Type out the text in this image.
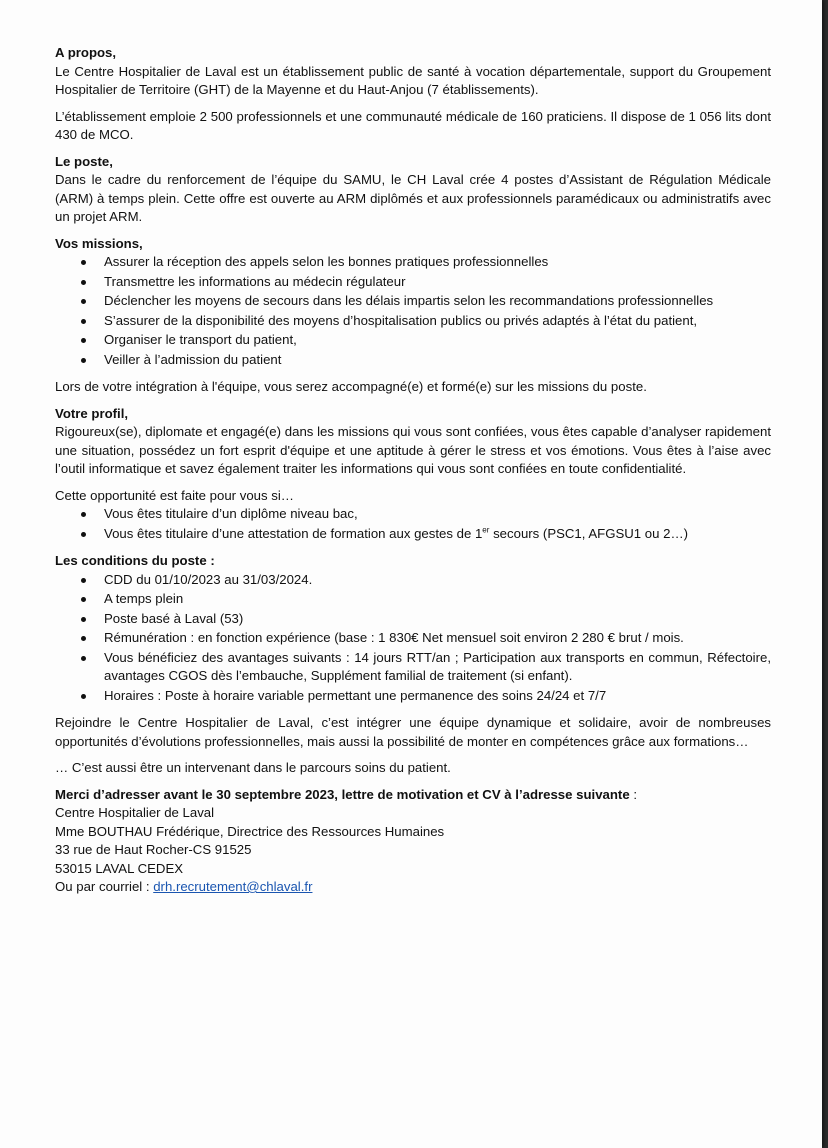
A propos,

Le Centre Hospitalier de Laval est un établissement public de santé à vocation départementale, support du Groupement Hospitalier de Territoire (GHT) de la Mayenne et du Haut-Anjou (7 établissements).

L’établissement emploie 2 500 professionnels et une communauté médicale de 160 praticiens. Il dispose de 1 056 lits dont 430 de MCO.

Le poste,

Dans le cadre du renforcement de l’équipe du SAMU, le CH Laval crée 4 postes d’Assistant de Régulation Médicale (ARM) à temps plein. Cette offre est ouverte au ARM diplômés et aux professionnels paramédicaux ou administratifs avec un projet ARM.

Vos missions,

Assurer la réception des appels selon les bonnes pratiques professionnelles
Transmettre les informations au médecin régulateur
Déclencher les moyens de secours dans les délais impartis selon les recommandations professionnelles
S’assurer de la disponibilité des moyens d’hospitalisation publics ou privés adaptés à l’état du patient,
Organiser le transport du patient,
Veiller à l’admission du patient

Lors de votre intégration à l'équipe, vous serez accompagné(e) et formé(e) sur les missions du poste.

Votre profil,

Rigoureux(se), diplomate et engagé(e) dans les missions qui vous sont confiées, vous êtes capable d’analyser rapidement une situation, possédez un fort esprit d'équipe et une aptitude à gérer le stress et vos émotions. Vous êtes à l’aise avec l’outil informatique et savez également traiter les informations qui vous sont confiées en toute confidentialité.

Cette opportunité est faite pour vous si…

Vous êtes titulaire d’un diplôme niveau bac,
Vous êtes titulaire d’une attestation de formation aux gestes de 1er secours (PSC1, AFGSU1 ou 2…)

Les conditions du poste :

CDD du 01/10/2023 au 31/03/2024.
A temps plein
Poste basé à Laval (53)
Rémunération : en fonction expérience (base : 1 830€ Net mensuel soit environ 2 280 € brut / mois.
Vous bénéficiez des avantages suivants : 14 jours RTT/an ; Participation aux transports en commun, Réfectoire, avantages CGOS dès l’embauche, Supplément familial de traitement (si enfant).
Horaires : Poste à horaire variable permettant une permanence des soins 24/24 et 7/7

Rejoindre le Centre Hospitalier de Laval, c’est intégrer une équipe dynamique et solidaire, avoir de nombreuses opportunités d’évolutions professionnelles, mais aussi la possibilité de monter en compétences grâce aux formations…

… C’est aussi être un intervenant dans le parcours soins du patient.

Merci d’adresser avant le 30 septembre 2023, lettre de motivation et CV à l’adresse suivante :

Centre Hospitalier de Laval

Mme BOUTHAU Frédérique, Directrice des Ressources Humaines

33 rue de Haut Rocher-CS 91525

53015 LAVAL CEDEX

Ou par courriel : drh.recrutement@chlaval.fr
